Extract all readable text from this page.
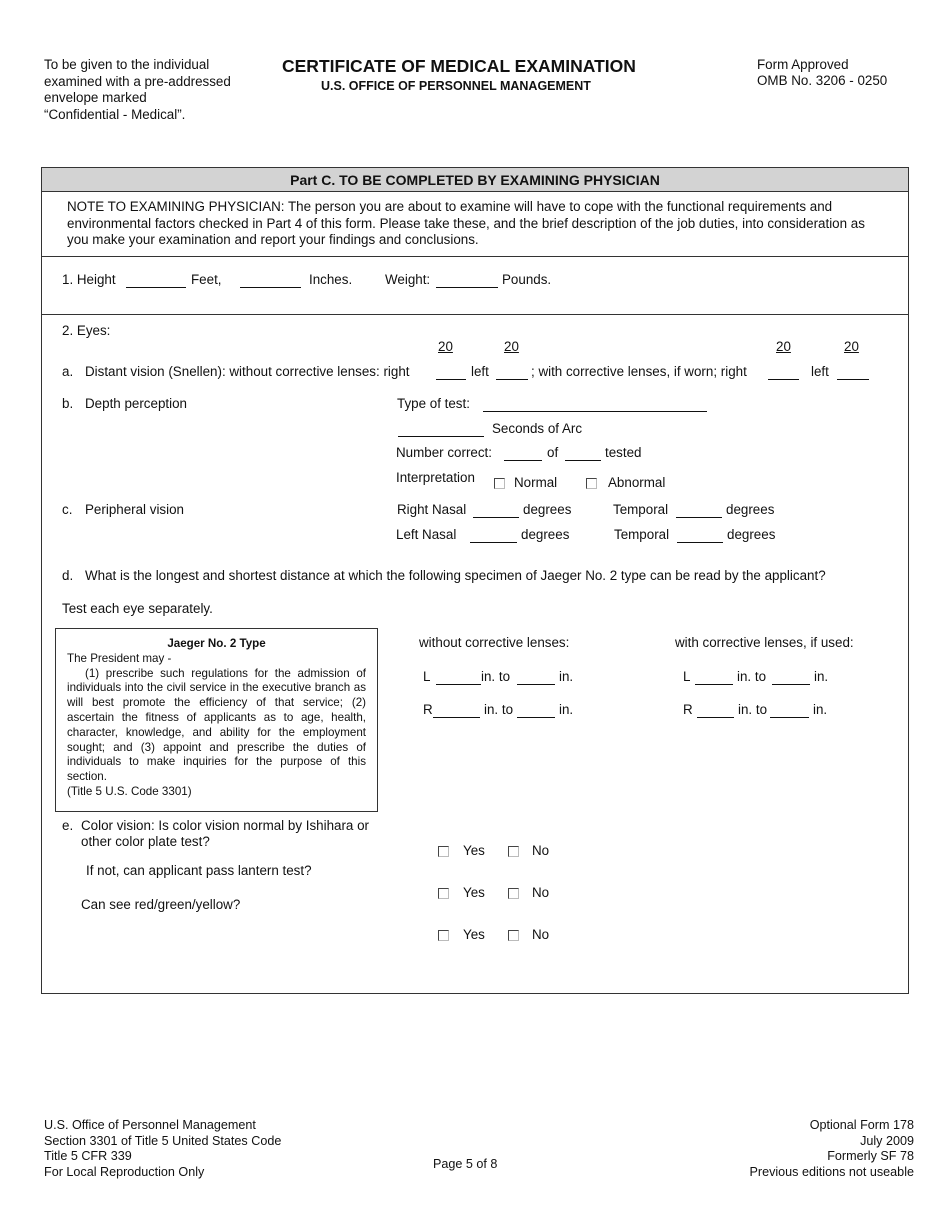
To be given to the individual
examined with a pre-addressed
envelope marked
“Confidential - Medical”.
CERTIFICATE OF MEDICAL EXAMINATION
U.S. OFFICE OF PERSONNEL MANAGEMENT
Form Approved
OMB No. 3206 - 0250
Part C. TO BE COMPLETED BY EXAMINING PHYSICIAN
NOTE TO EXAMINING PHYSICIAN: The person you are about to examine will have to cope with the functional requirements and
environmental factors checked in Part 4 of this form. Please take these, and the brief description of the job duties, into consideration as
you make your examination and report your findings and conclusions.
1. Height	Feet,	Inches. Weight:	Pounds.
2. Eyes:
20	20	20	20
a. Distant vision (Snellen): without corrective lenses: right	left	; with corrective lenses, if worn; right	left
b. Depth perception	Type of test:
Seconds of Arc
Number correct:	of	tested
Interpretation	Normal	Abnormal
c. Peripheral vision	Right Nasal	degrees	Temporal	degrees
Left Nasal	degrees	Temporal	degrees
d. What is the longest and shortest distance at which the following specimen of Jaeger No. 2 type can be read by the applicant?
Test each eye separately.
Jaeger No. 2 Type
The President may -
(1) prescribe such regulations for the admission of individuals into the civil service in the executive branch as will best promote the efficiency of that service; (2) ascertain the fitness of applicants as to age, health, character, knowledge, and ability for the employment sought; and (3) appoint and prescribe the duties of individuals to make inquiries for the purpose of this section.
(Title 5 U.S. Code 3301)
without corrective lenses:	with corrective lenses, if used:
L	in. to	in.
R	in. to	in.
L	in. to	in.
R	in. to	in.
e. Color vision: Is color vision normal by Ishihara or
other color plate test?
If not, can applicant pass lantern test?
Can see red/green/yellow?
Yes	No
Yes	No
Yes	No
U.S. Office of Personnel Management
Section 3301 of Title 5 United States Code
Title 5 CFR 339
For Local Reproduction Only
Page 5 of 8
Optional Form 178
July 2009
Formerly SF 78
Previous editions not useable
